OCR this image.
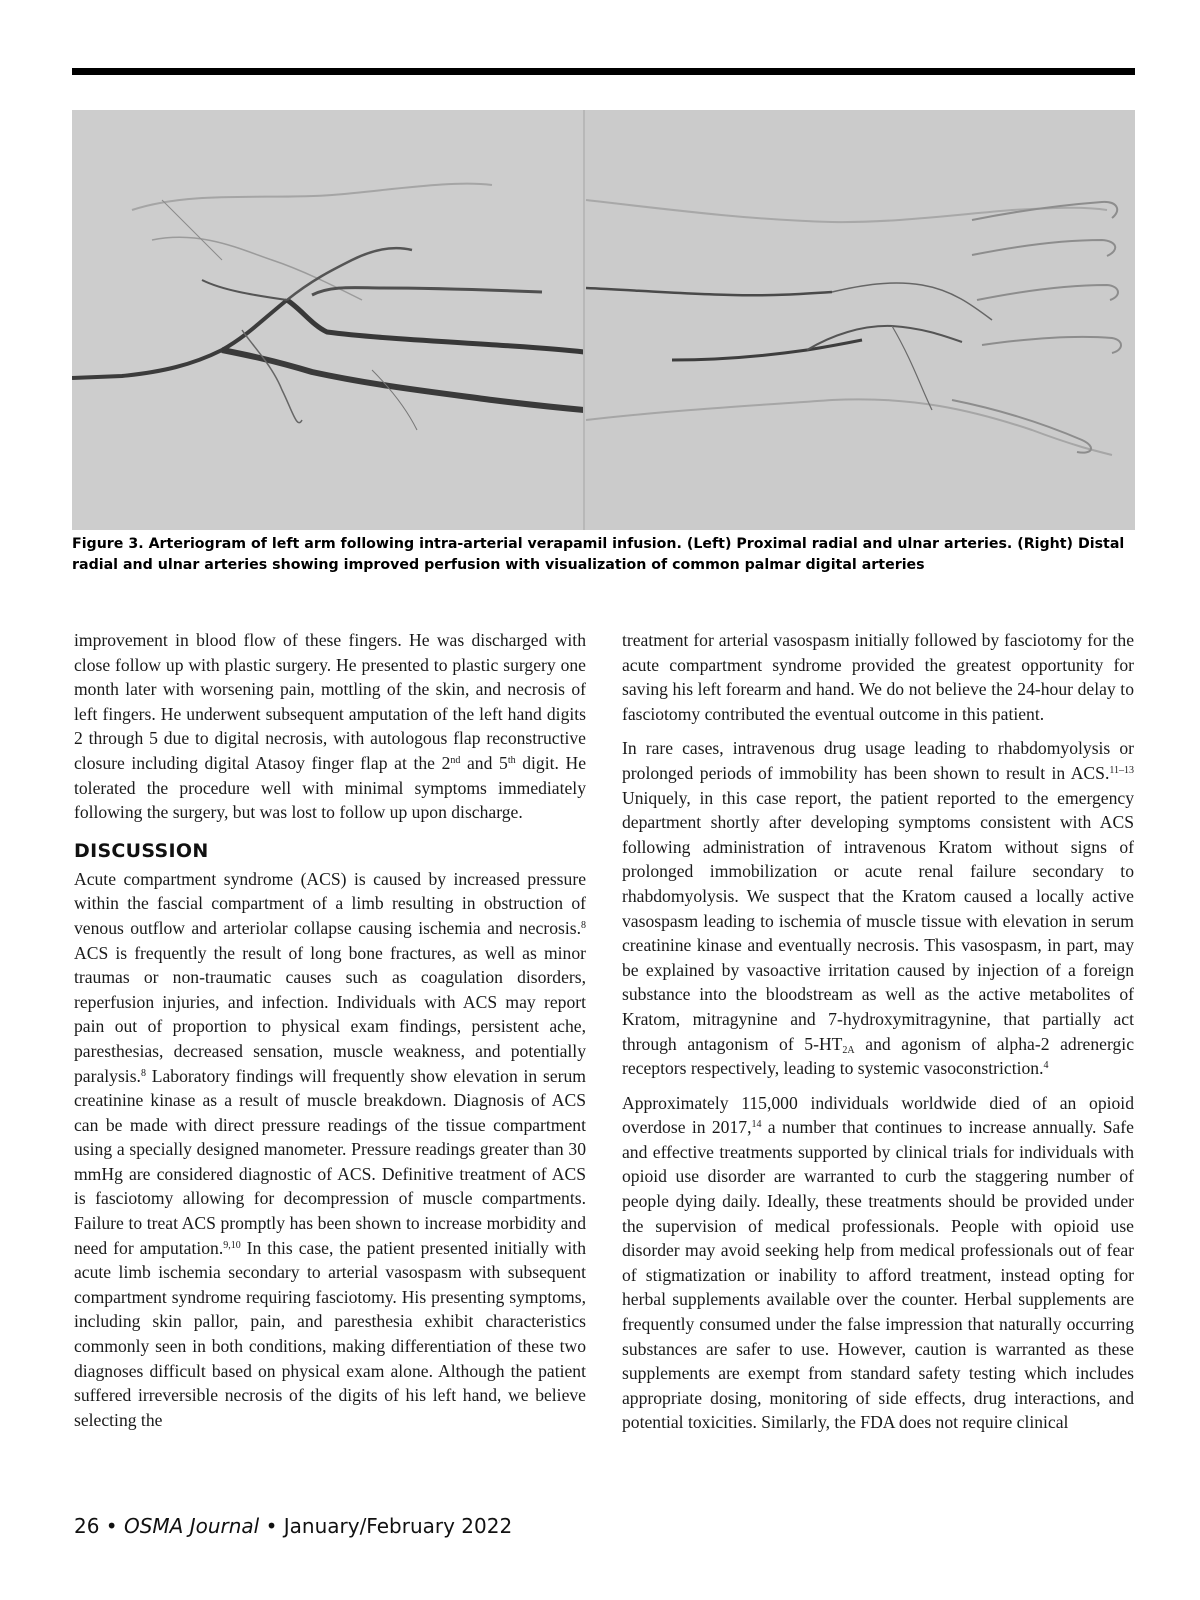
Figure 3. Arteriogram of left arm following intra-arterial verapamil infusion. (Left) Proximal radial and ulnar arteries. (Right) Distal radial and ulnar arteries showing improved perfusion with visualization of common palmar digital arteries

improvement in blood flow of these fingers. He was discharged with close follow up with plastic surgery. He presented to plastic surgery one month later with worsening pain, mottling of the skin, and necrosis of left fingers. He underwent subsequent amputation of the left hand digits 2 through 5 due to digital necrosis, with autologous flap reconstructive closure including digital Atasoy finger flap at the 2nd and 5th digit. He tolerated the procedure well with minimal symptoms immediately following the surgery, but was lost to follow up upon discharge.

DISCUSSION

Acute compartment syndrome (ACS) is caused by increased pressure within the fascial compartment of a limb resulting in obstruction of venous outflow and arteriolar collapse causing ischemia and necrosis.$^8$ ACS is frequently the result of long bone fractures, as well as minor traumas or non-traumatic causes such as coagulation disorders, reperfusion injuries, and infection. Individuals with ACS may report pain out of proportion to physical exam findings, persistent ache, paresthesias, decreased sensation, muscle weakness, and potentially paralysis.$^8$ Laboratory findings will frequently show elevation in serum creatinine kinase as a result of muscle breakdown. Diagnosis of ACS can be made with direct pressure readings of the tissue compartment using a specially designed manometer. Pressure readings greater than 30 mmHg are considered diagnostic of ACS. Definitive treatment of ACS is fasciotomy allowing for decompression of muscle compartments. Failure to treat ACS promptly has been shown to increase morbidity and need for amputation.$^{9,10}$ In this case, the patient presented initially with acute limb ischemia secondary to arterial vasospasm with subsequent compartment syndrome requiring fasciotomy. His presenting symptoms, including skin pallor, pain, and paresthesia exhibit characteristics commonly seen in both conditions, making differentiation of these two diagnoses difficult based on physical exam alone. Although the patient suffered irreversible necrosis of the digits of his left hand, we believe selecting the

treatment for arterial vasospasm initially followed by fasciotomy for the acute compartment syndrome provided the greatest opportunity for saving his left forearm and hand. We do not believe the 24-hour delay to fasciotomy contributed the eventual outcome in this patient.

In rare cases, intravenous drug usage leading to rhabdomyolysis or prolonged periods of immobility has been shown to result in ACS.$^{11-13}$ Uniquely, in this case report, the patient reported to the emergency department shortly after developing symptoms consistent with ACS following administration of intravenous Kratom without signs of prolonged immobilization or acute renal failure secondary to rhabdomyolysis. We suspect that the Kratom caused a locally active vasospasm leading to ischemia of muscle tissue with elevation in serum creatinine kinase and eventually necrosis. This vasospasm, in part, may be explained by vasoactive irritation caused by injection of a foreign substance into the bloodstream as well as the active metabolites of Kratom, mitragynine and 7-hydroxymitragynine, that partially act through antagonism of $5-HT_{2A}$ and agonism of alpha-2 adrenergic receptors respectively, leading to systemic vasoconstriction.$^4$

Approximately 115,000 individuals worldwide died of an opioid overdose in 2017,14 a number that continues to increase annually. Safe and effective treatments supported by clinical trials for individuals with opioid use disorder are warranted to curb the staggering number of people dying daily. Ideally, these treatments should be provided under the supervision of medical professionals. People with opioid use disorder may avoid seeking help from medical professionals out of fear of stigmatization or inability to afford treatment, instead opting for herbal supplements available over the counter. Herbal supplements are frequently consumed under the false impression that naturally occurring substances are safer to use. However, caution is warranted as these supplements are exempt from standard safety testing which includes appropriate dosing, monitoring of side effects, drug interactions, and potential toxicities. Similarly, the FDA does not require clinical

26 • OSMA Journal • January/February 2022
